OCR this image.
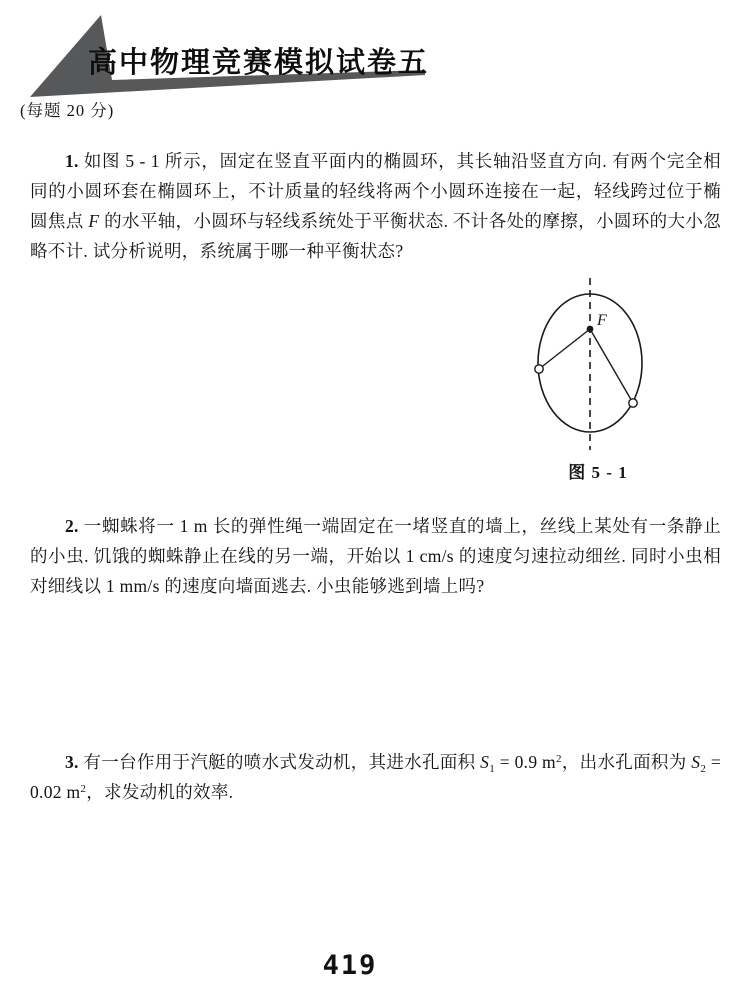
高中物理竞赛模拟试卷五
(每题 20 分)

1. 如图 5 - 1 所示，固定在竖直平面内的椭圆环，其长轴沿竖直方向. 有两个完全相同的小圆环套在椭圆环上，不计质量的轻线将两个小圆环连接在一起，轻线跨过位于椭圆焦点 F 的水平轴，小圆环与轻线系统处于平衡状态. 不计各处的摩擦，小圆环的大小忽略不计. 试分析说明，系统属于哪一种平衡状态?

F
图 5 - 1

2. 一蜘蛛将一 1 m 长的弹性绳一端固定在一堵竖直的墙上，丝线上某处有一条静止的小虫. 饥饿的蜘蛛静止在线的另一端，开始以 1 cm/s 的速度匀速拉动细丝. 同时小虫相对细线以 1 mm/s 的速度向墙面逃去. 小虫能够逃到墙上吗?

3. 有一台作用于汽艇的喷水式发动机，其进水孔面积 $S_1 = 0.9$ $m^2$，出水孔面积为 $S_2 = 0.02$ $m^2$，求发动机的效率.

419
